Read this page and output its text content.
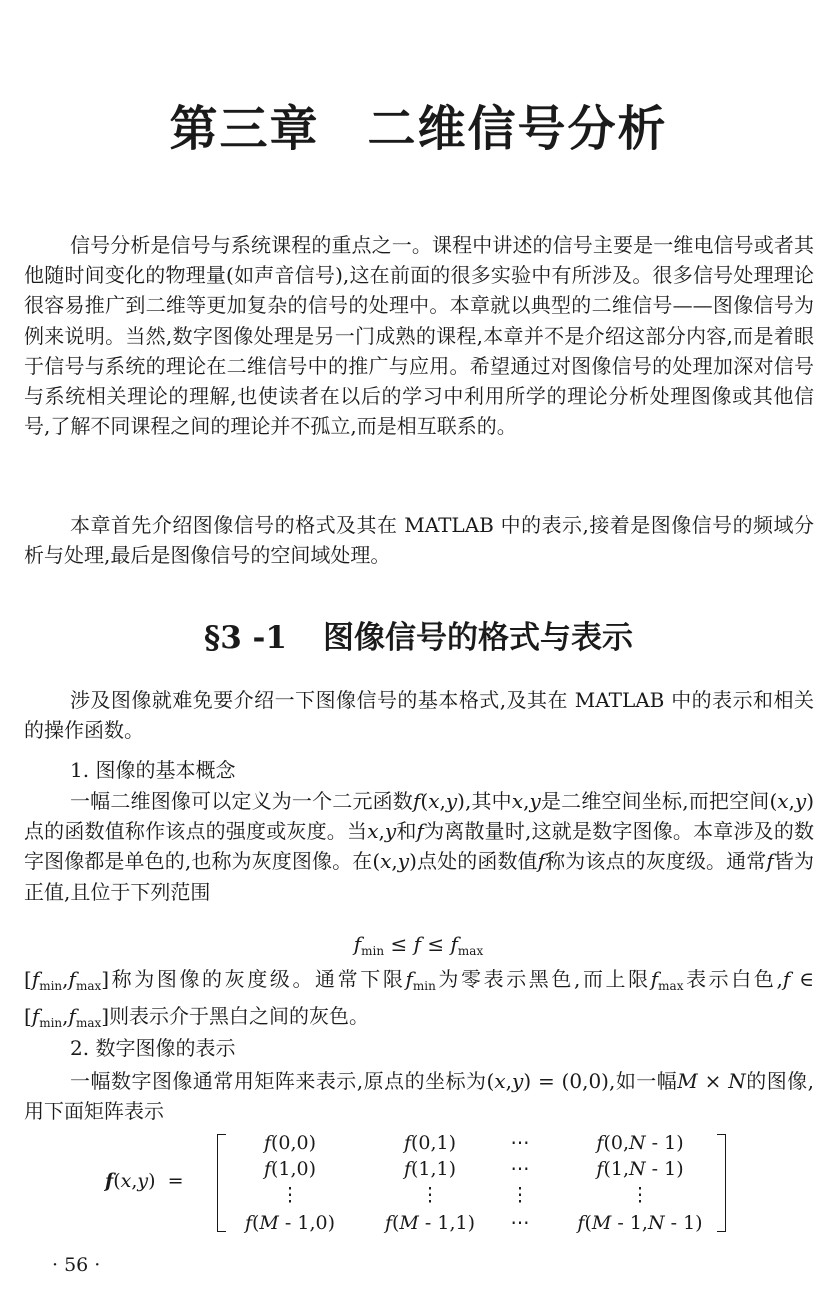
第三章 二维信号分析

信号分析是信号与系统课程的重点之一。课程中讲述的信号主要是一维电信号或者其他随时间变化的物理量(如声音信号),这在前面的很多实验中有所涉及。很多信号处理理论很容易推广到二维等更加复杂的信号的处理中。本章就以典型的二维信号——图像信号为例来说明。当然,数字图像处理是另一门成熟的课程,本章并不是介绍这部分内容,而是着眼于信号与系统的理论在二维信号中的推广与应用。希望通过对图像信号的处理加深对信号与系统相关理论的理解,也使读者在以后的学习中利用所学的理论分析处理图像或其他信号,了解不同课程之间的理论并不孤立,而是相互联系的。

本章首先介绍图像信号的格式及其在 MATLAB 中的表示,接着是图像信号的频域分析与处理,最后是图像信号的空间域处理。

§3 -1 图像信号的格式与表示

涉及图像就难免要介绍一下图像信号的基本格式,及其在 MATLAB 中的表示和相关的操作函数。

1. 图像的基本概念

一幅二维图像可以定义为一个二元函数f(x,y),其中x,y是二维空间坐标,而把空间(x,y)点的函数值称作该点的强度或灰度。当x,y和f为离散量时,这就是数字图像。本章涉及的数字图像都是单色的,也称为灰度图像。在(x,y)点处的函数值f称为该点的灰度级。通常f皆为正值,且位于下列范围

$f_{min} \le f \le f_{max}$

$[f_{min},f_{max}]$称为图像的灰度级。通常下限$f_{min}$为零表示黑色,而上限$f_{max}$表示白色,f ∈ $[f_{min},f_{max}]$则表示介于黑白之间的灰色。

2. 数字图像的表示

一幅数字图像通常用矩阵来表示,原点的坐标为(x,y) = (0,0),如一幅M × N的图像,用下面矩阵表示

f(x,y)  =
f(0,0)	f(0,1)	⋯	f(0,N - 1)
f(1,0)	f(1,1)	⋯	f(1,N - 1)
⋮	⋮	⋮	⋮
f(M - 1,0)	f(M - 1,1)	⋯	f(M - 1,N - 1)
· 56 ·
